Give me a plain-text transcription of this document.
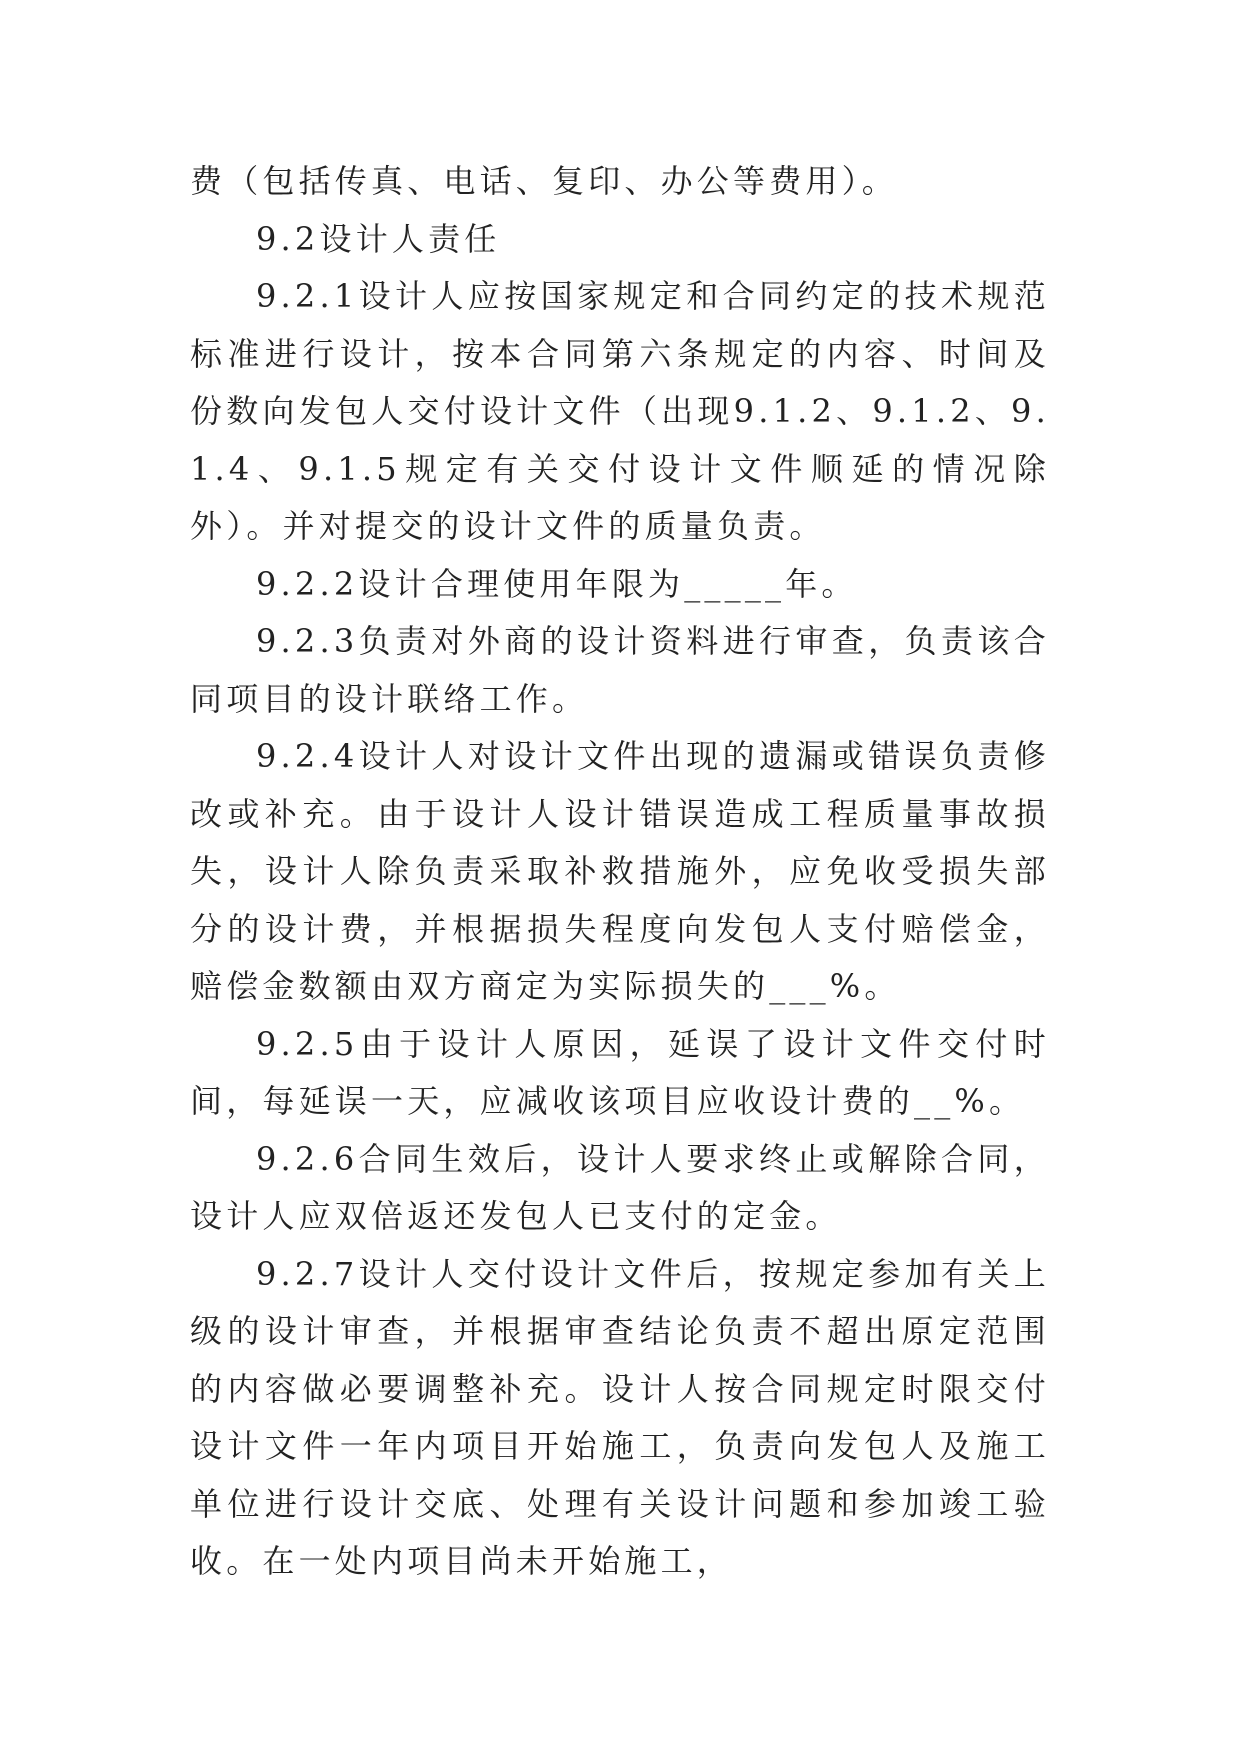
费（包括传真、电话、复印、办公等费用）。

9.2设计人责任

9.2.1设计人应按国家规定和合同约定的技术规范标准进行设计，按本合同第六条规定的内容、时间及份数向发包人交付设计文件（出现9.1.2、9.1.2、9.1.4、9.1.5规定有关交付设计文件顺延的情况除外）。并对提交的设计文件的质量负责。

9.2.2设计合理使用年限为_____年。

9.2.3负责对外商的设计资料进行审查，负责该合同项目的设计联络工作。

9.2.4设计人对设计文件出现的遗漏或错误负责修改或补充。由于设计人设计错误造成工程质量事故损失，设计人除负责采取补救措施外，应免收受损失部分的设计费，并根据损失程度向发包人支付赔偿金，赔偿金数额由双方商定为实际损失的___%。

9.2.5由于设计人原因，延误了设计文件交付时间，每延误一天，应减收该项目应收设计费的__%。

9.2.6合同生效后，设计人要求终止或解除合同，设计人应双倍返还发包人已支付的定金。

9.2.7设计人交付设计文件后，按规定参加有关上级的设计审查，并根据审查结论负责不超出原定范围的内容做必要调整补充。设计人按合同规定时限交付设计文件一年内项目开始施工，负责向发包人及施工单位进行设计交底、处理有关设计问题和参加竣工验收。在一处内项目尚未开始施工，
